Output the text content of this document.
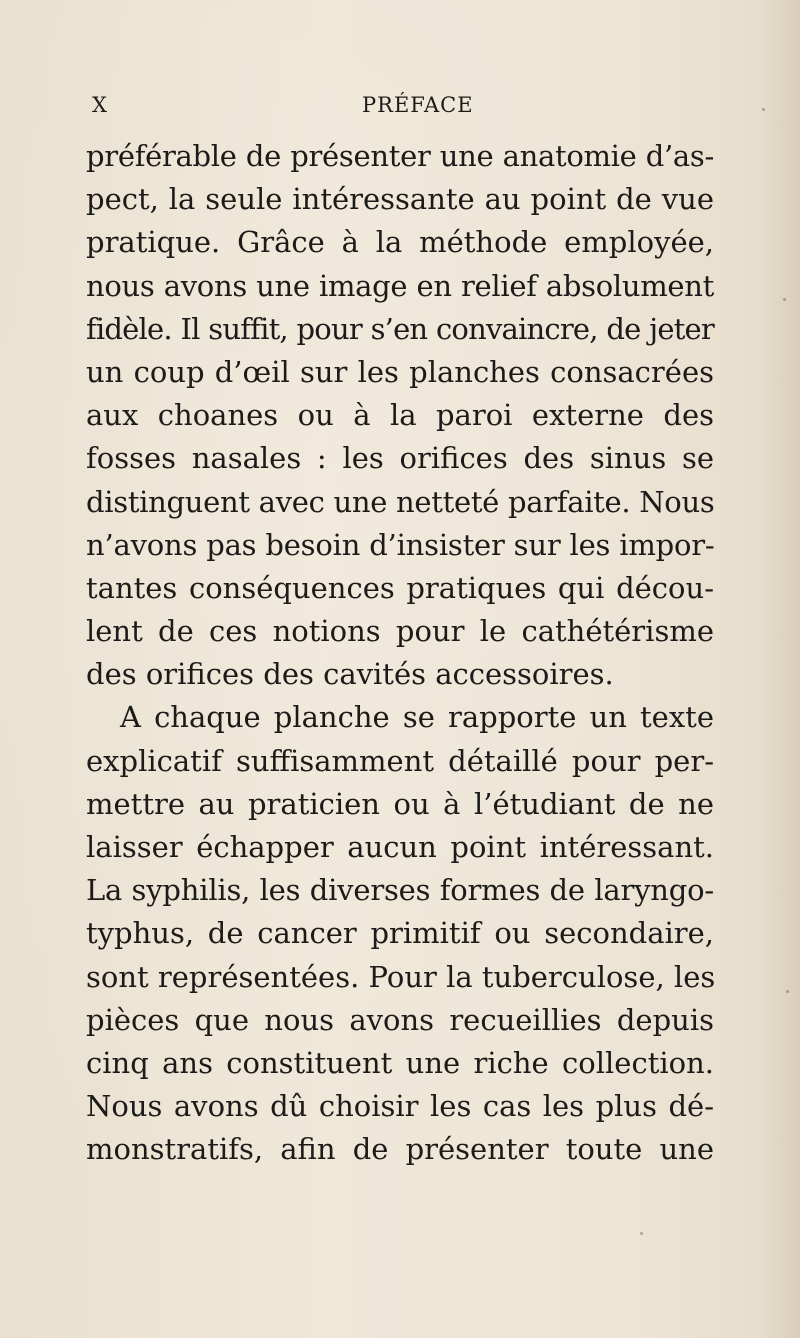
X	PRÉFACE
préférable de présenter une anatomie d’as-
pect, la seule intéressante au point de vue
pratique. Grâce à la méthode employée,
nous avons une image en relief absolument
fidèle. Il suffit, pour s’en convaincre, de jeter
un coup d’œil sur les planches consacrées
aux choanes ou à la paroi externe des
fosses nasales : les orifices des sinus se
distinguent avec une netteté parfaite. Nous
n’avons pas besoin d’insister sur les impor-
tantes conséquences pratiques qui décou-
lent de ces notions pour le cathétérisme
des orifices des cavités accessoires.
A chaque planche se rapporte un texte
explicatif suffisamment détaillé pour per-
mettre au praticien ou à l’étudiant de ne
laisser échapper aucun point intéressant.
La syphilis, les diverses formes de laryngo-
typhus, de cancer primitif ou secondaire,
sont représentées. Pour la tuberculose, les
pièces que nous avons recueillies depuis
cinq ans constituent une riche collection.
Nous avons dû choisir les cas les plus dé-
monstratifs, afin de présenter toute une
